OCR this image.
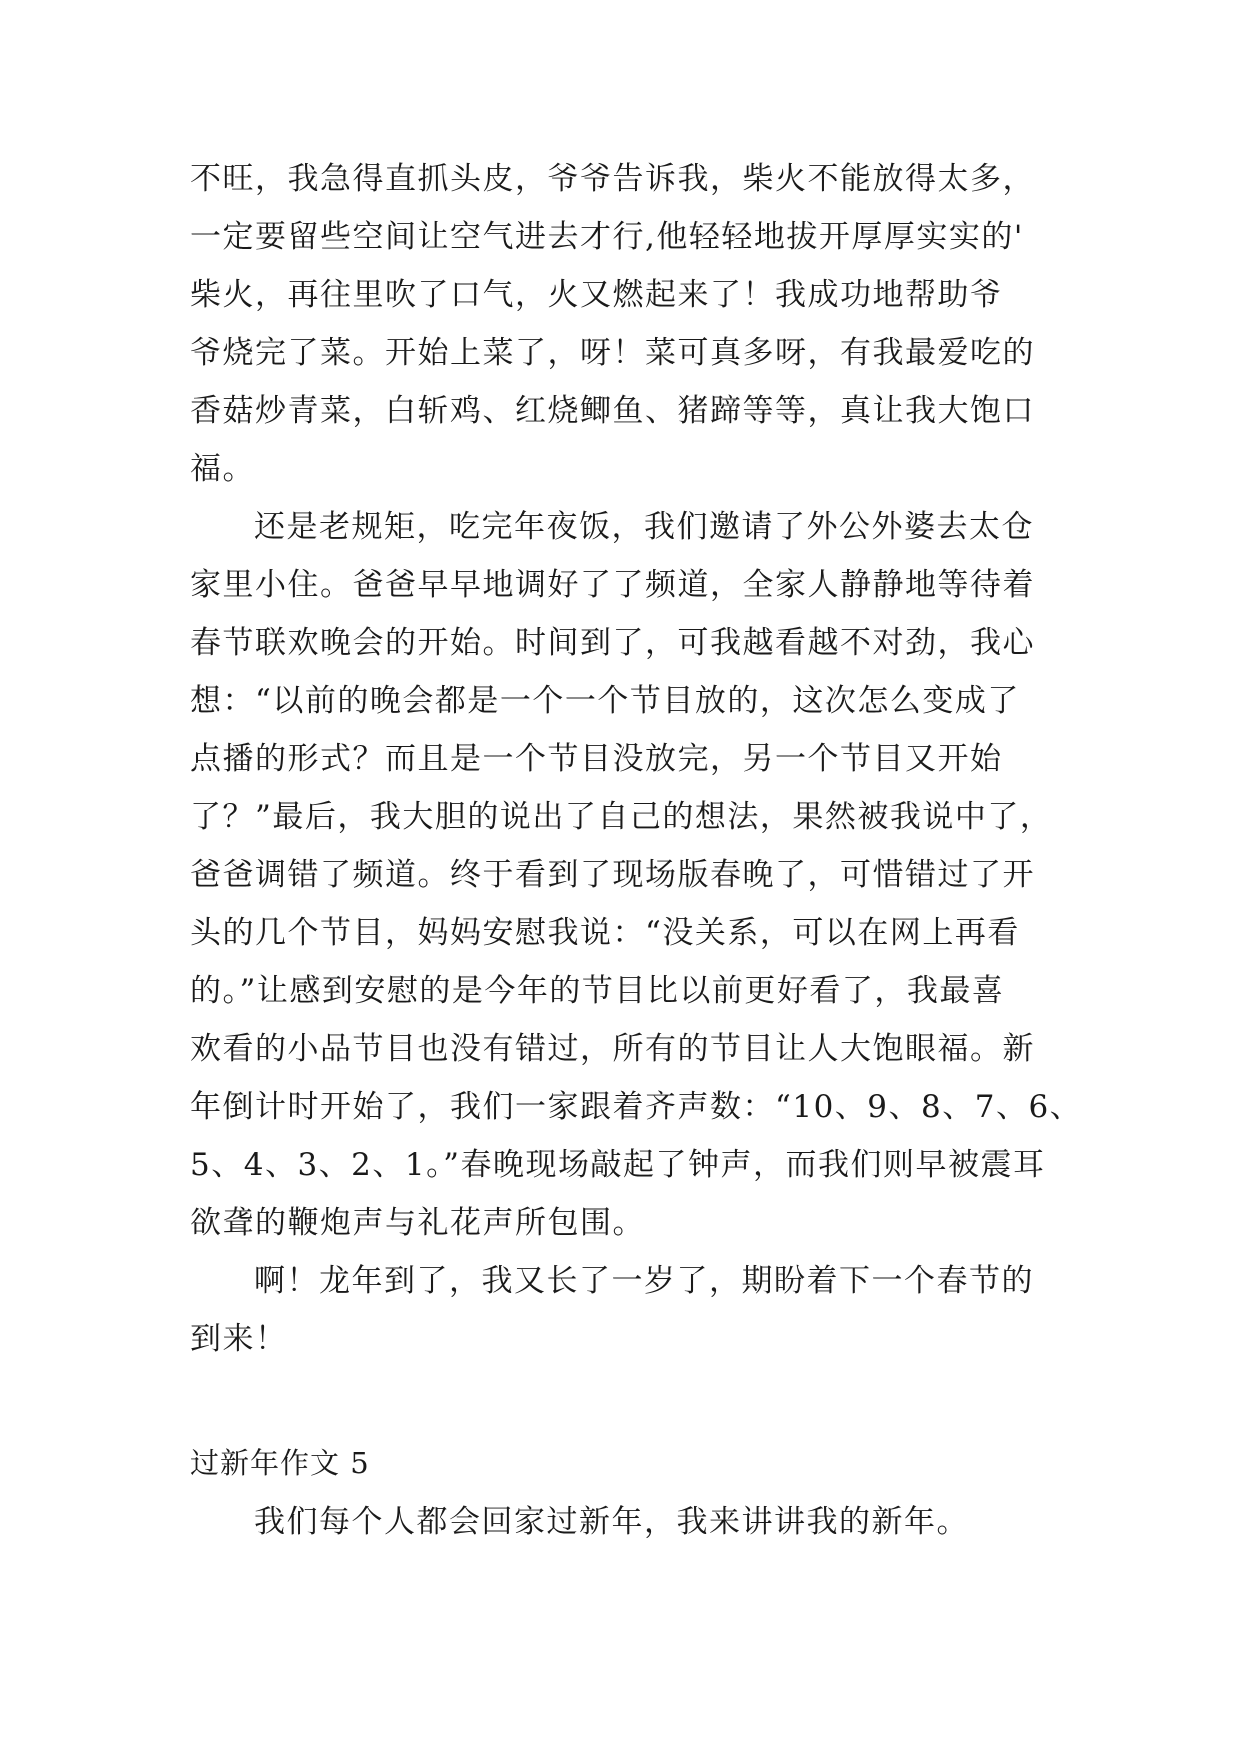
不旺，我急得直抓头皮，爷爷告诉我，柴火不能放得太多，
一定要留些空间让空气进去才行,他轻轻地拔开厚厚实实的'
柴火，再往里吹了口气，火又燃起来了！我成功地帮助爷
爷烧完了菜。开始上菜了，呀！菜可真多呀，有我最爱吃的
香菇炒青菜，白斩鸡、红烧鲫鱼、猪蹄等等，真让我大饱口
福。
还是老规矩，吃完年夜饭，我们邀请了外公外婆去太仓
家里小住。爸爸早早地调好了了频道，全家人静静地等待着
春节联欢晚会的开始。时间到了，可我越看越不对劲，我心
想：“以前的晚会都是一个一个节目放的，这次怎么变成了
点播的形式？而且是一个节目没放完，另一个节目又开始
了？”最后，我大胆的说出了自己的想法，果然被我说中了，
爸爸调错了频道。终于看到了现场版春晚了，可惜错过了开
头的几个节目，妈妈安慰我说：“没关系，可以在网上再看
的。”让感到安慰的是今年的节目比以前更好看了，我最喜
欢看的小品节目也没有错过，所有的节目让人大饱眼福。新
年倒计时开始了，我们一家跟着齐声数：“10、9、8、7、6、
5、4、3、2、1。”春晚现场敲起了钟声，而我们则早被震耳
欲聋的鞭炮声与礼花声所包围。
啊！龙年到了，我又长了一岁了，期盼着下一个春节的
到来！
过新年作文 5
我们每个人都会回家过新年，我来讲讲我的新年。
